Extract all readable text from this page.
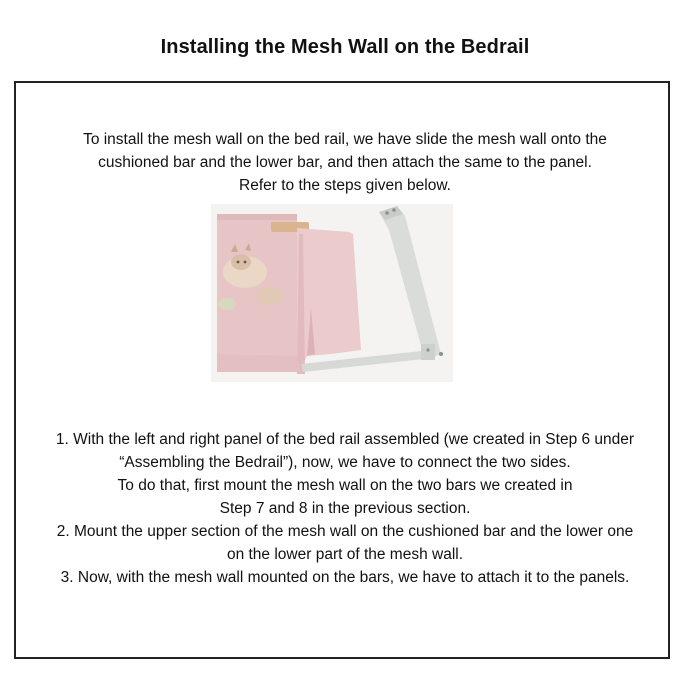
Installing the Mesh Wall on the Bedrail

To install the mesh wall on the bed rail, we have slide the mesh wall onto the

cushioned bar and the lower bar, and then attach the same to the panel.

Refer to the steps given below.

1. With the left and right panel of the bed rail assembled (we created in Step 6 under

“Assembling the Bedrail”), now, we have to connect the two sides.

To do that, first mount the mesh wall on the two bars we created in

Step 7 and 8 in the previous section.

2. Mount the upper section of the mesh wall on the cushioned bar and the lower one

on the lower part of the mesh wall.

3. Now, with the mesh wall mounted on the bars, we have to attach it to the panels.
